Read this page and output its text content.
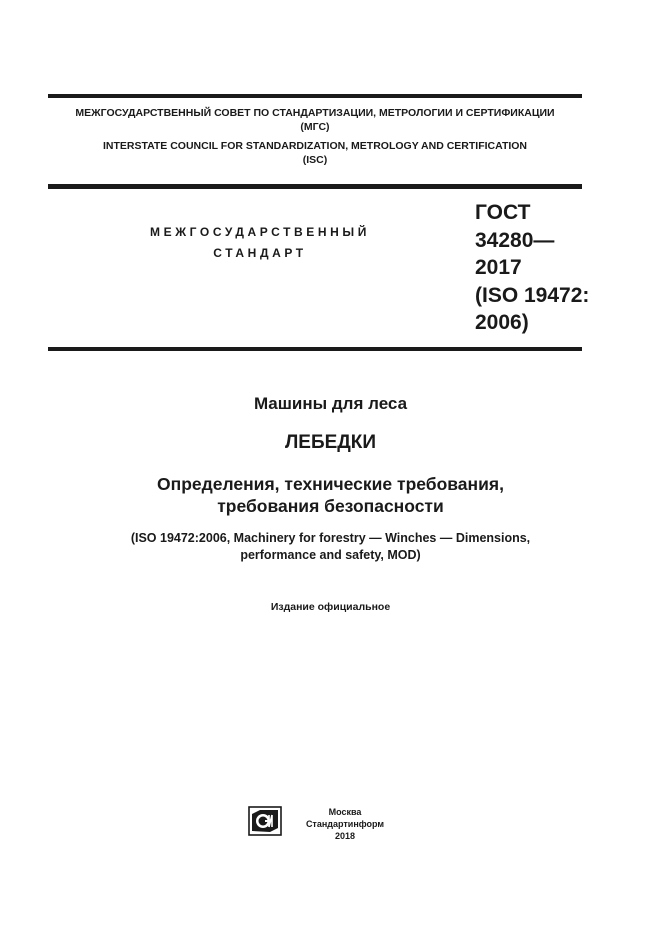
МЕЖГОСУДАРСТВЕННЫЙ СОВЕТ ПО СТАНДАРТИЗАЦИИ, МЕТРОЛОГИИ И СЕРТИФИКАЦИИ
(МГС)
INTERSTATE COUNCIL FOR STANDARDIZATION, METROLOGY AND CERTIFICATION
(ISC)
МЕЖГОСУДАРСТВЕННЫЙ
СТАНДАРТ
ГОСТ
34280—
2017
(ISO 19472:
2006)
Машины для леса
ЛЕБЕДКИ
Определения, технические требования,
требования безопасности
(ISO 19472:2006, Machinery for forestry — Winches — Dimensions,
performance and safety, MOD)
Издание официальное
Москва
Стандартинформ
2018
